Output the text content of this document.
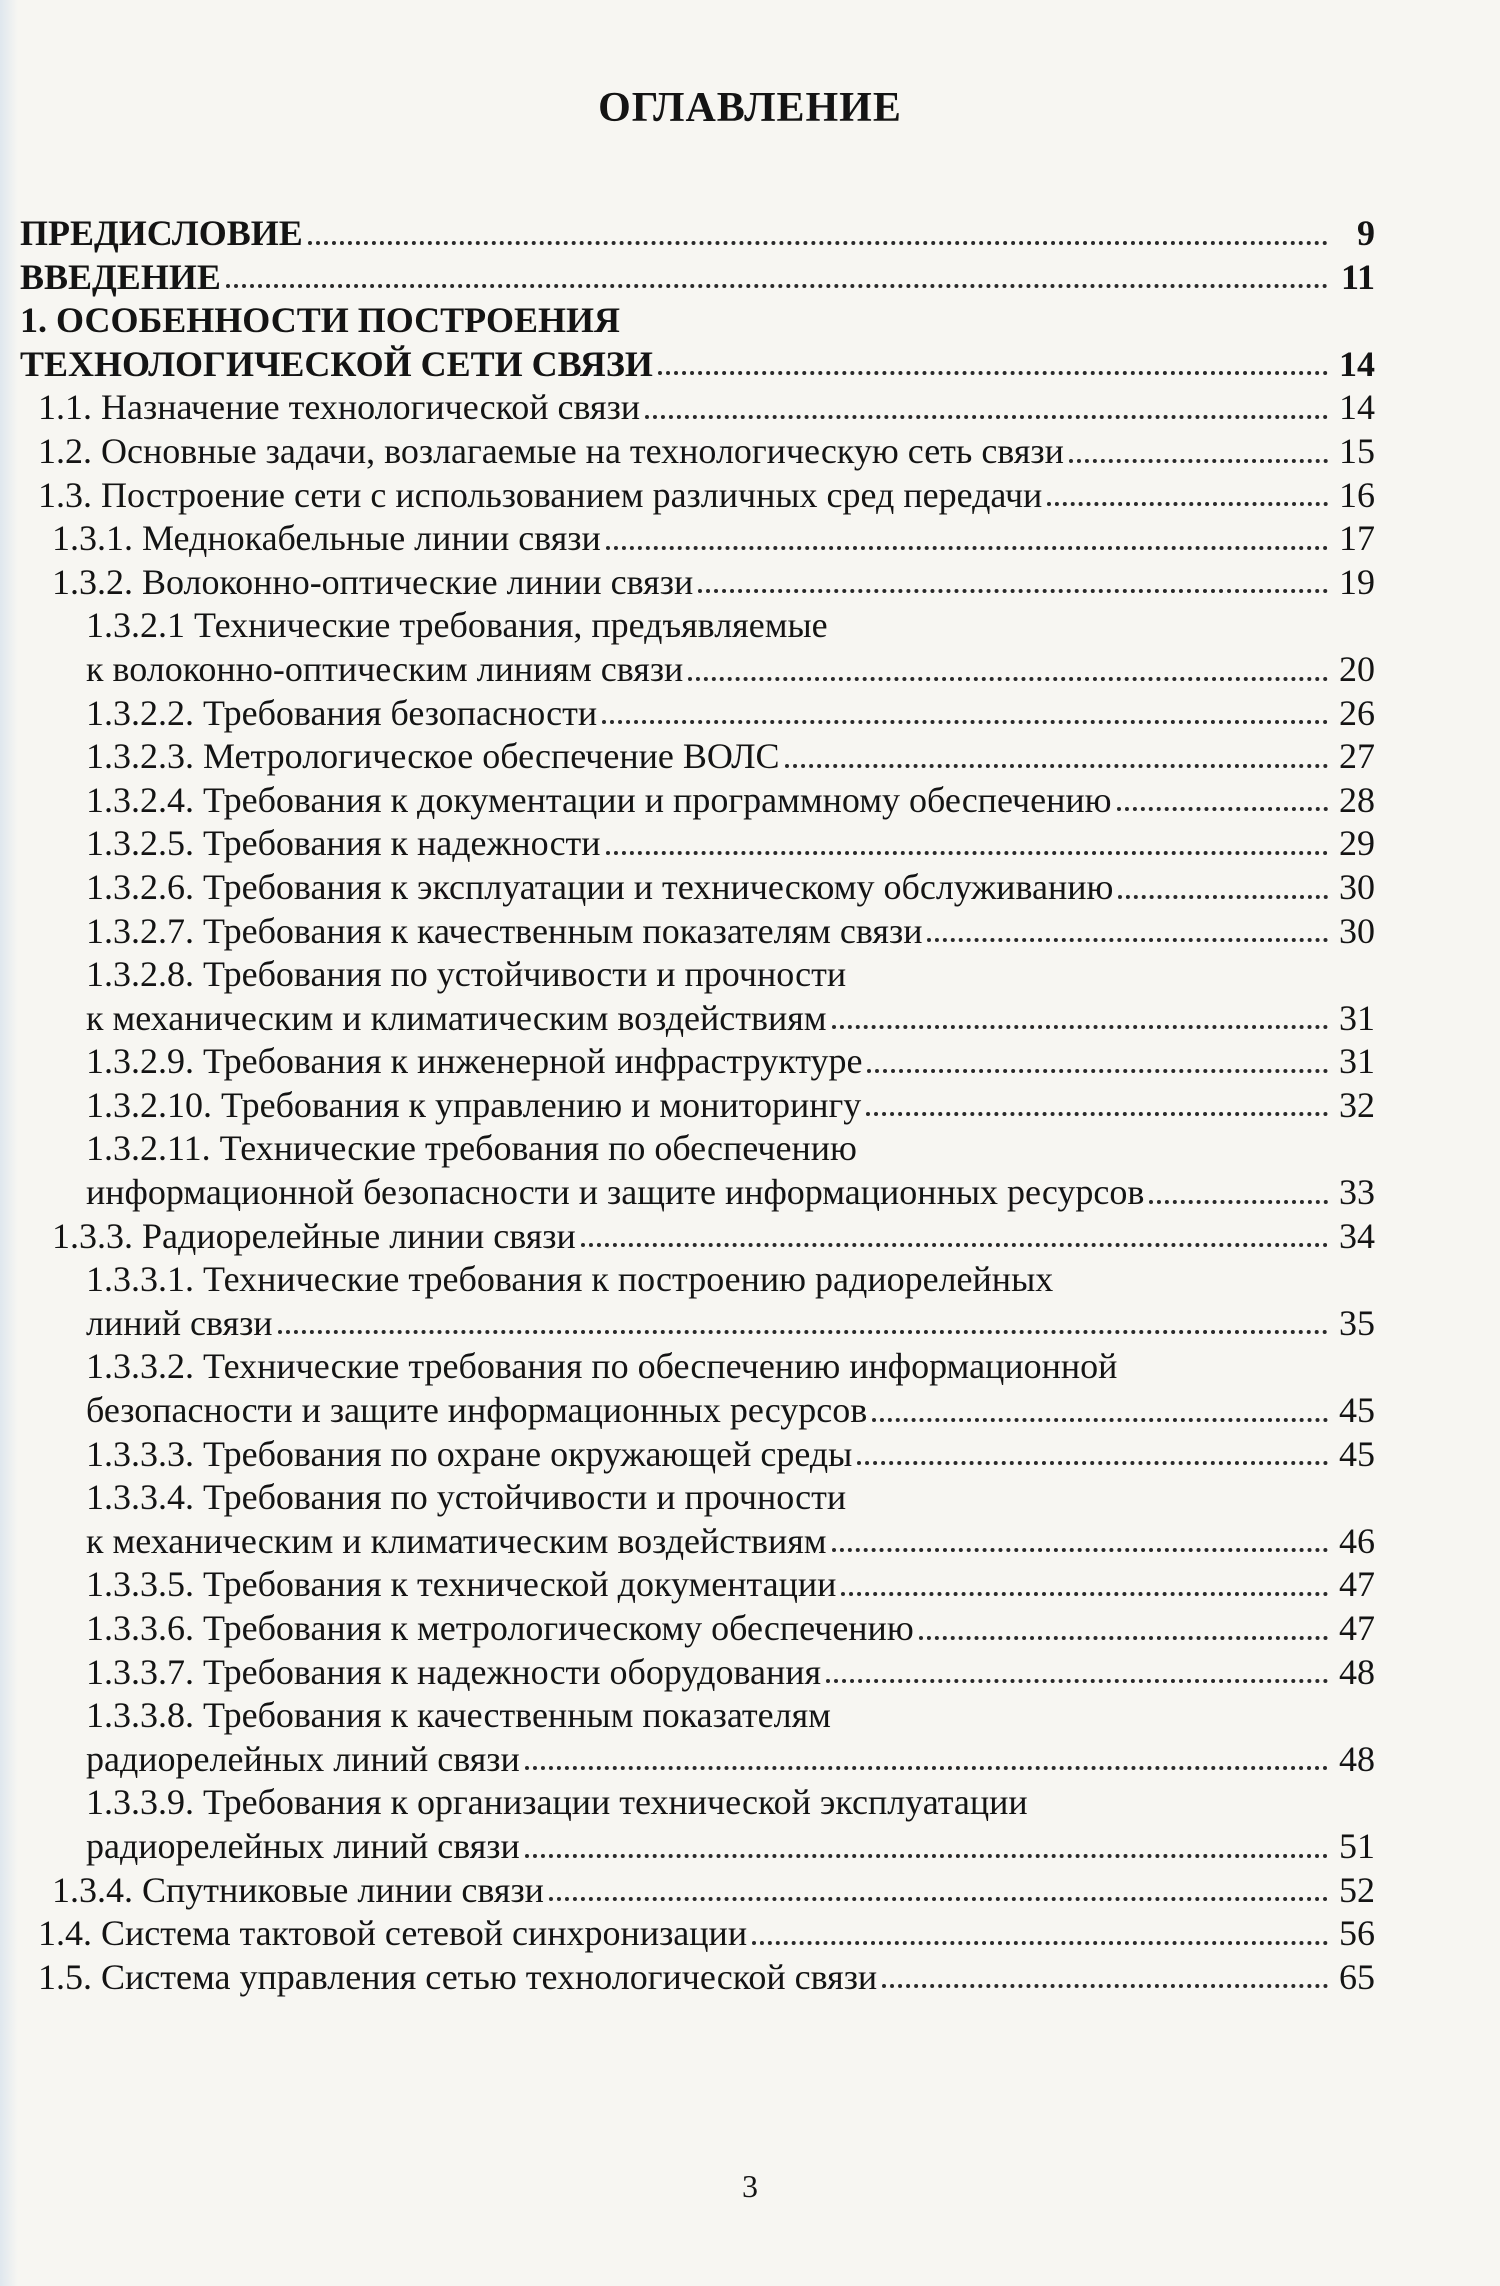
ОГЛАВЛЕНИЕ
ПРЕДИСЛОВИЕ	9
ВВЕДЕНИЕ	11
1. ОСОБЕННОСТИ ПОСТРОЕНИЯ
ТЕХНОЛОГИЧЕСКОЙ СЕТИ СВЯЗИ	14
1.1. Назначение технологической связи	14
1.2. Основные задачи, возлагаемые на технологическую сеть связи	15
1.3. Построение сети с использованием различных сред передачи	16
1.3.1. Меднокабельные линии связи	17
1.3.2. Волоконно-оптические линии связи	19
1.3.2.1 Технические требования, предъявляемые
к волоконно-оптическим линиям связи	20
1.3.2.2. Требования безопасности	26
1.3.2.3. Метрологическое обеспечение ВОЛС	27
1.3.2.4. Требования к документации и программному обеспечению	28
1.3.2.5. Требования к надежности	29
1.3.2.6. Требования к эксплуатации и техническому обслуживанию	30
1.3.2.7. Требования к качественным показателям связи	30
1.3.2.8. Требования по устойчивости и прочности
к механическим и климатическим воздействиям	31
1.3.2.9. Требования к инженерной инфраструктуре	31
1.3.2.10. Требования к управлению и мониторингу	32
1.3.2.11. Технические требования по обеспечению
информационной безопасности и защите информационных ресурсов	33
1.3.3. Радиорелейные линии связи	34
1.3.3.1. Технические требования к построению радиорелейных
линий связи	35
1.3.3.2. Технические требования по обеспечению информационной
безопасности и защите информационных ресурсов	45
1.3.3.3. Требования по охране окружающей среды	45
1.3.3.4. Требования по устойчивости и прочности
к механическим и климатическим воздействиям	46
1.3.3.5. Требования к технической документации	47
1.3.3.6. Требования к метрологическому обеспечению	47
1.3.3.7. Требования к надежности оборудования	48
1.3.3.8. Требования к качественным показателям
радиорелейных линий связи	48
1.3.3.9. Требования к организации технической эксплуатации
радиорелейных линий связи	51
1.3.4. Спутниковые линии связи	52
1.4. Система тактовой сетевой синхронизации	56
1.5. Система управления сетью технологической связи	65
3
